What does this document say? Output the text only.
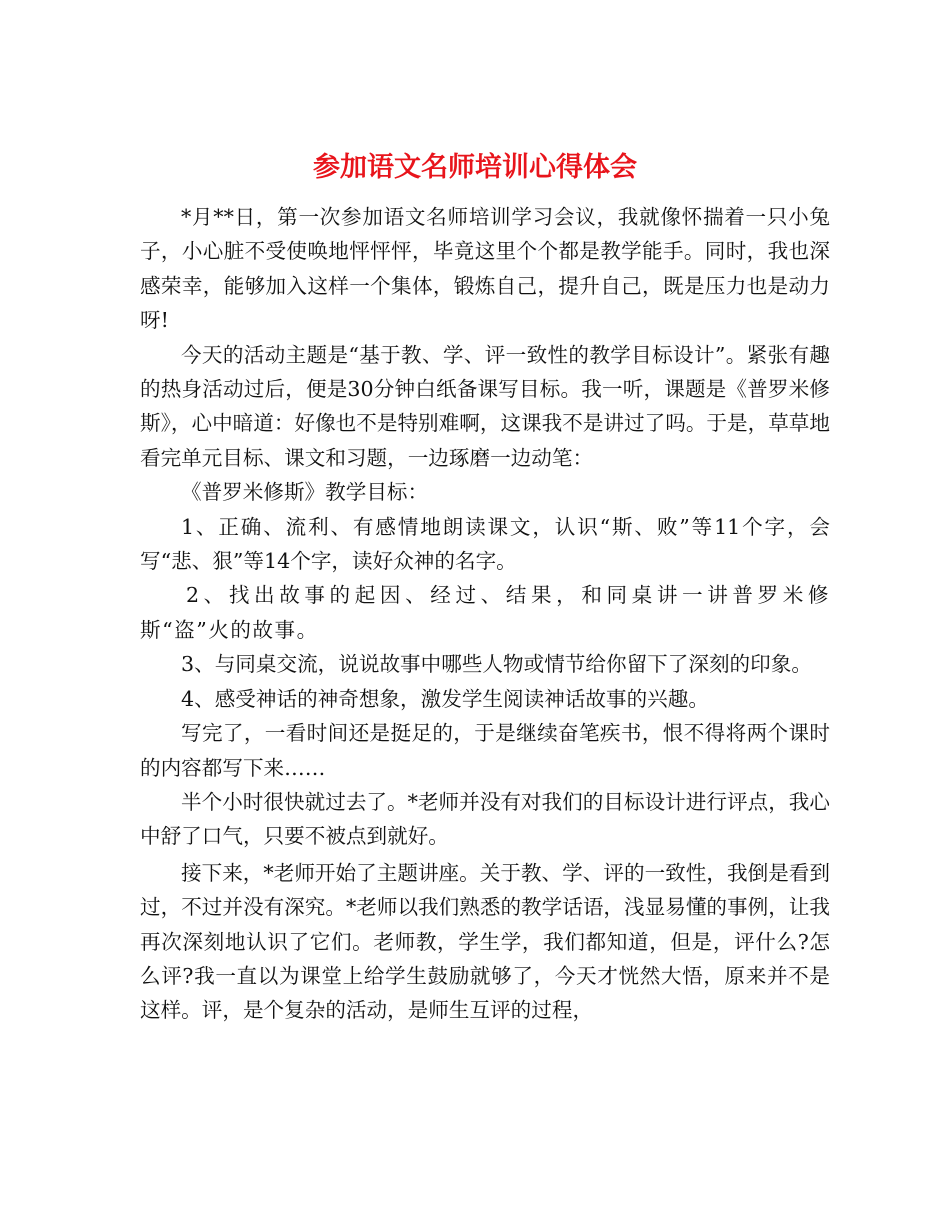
参加语文名师培训心得体会

*月**日，第一次参加语文名师培训学习会议，我就像怀揣着一只小兔子，小心脏不受使唤地怦怦怦，毕竟这里个个都是教学能手。同时，我也深感荣幸，能够加入这样一个集体，锻炼自己，提升自己，既是压力也是动力呀!

今天的活动主题是“基于教、学、评一致性的教学目标设计”。紧张有趣的热身活动过后，便是30分钟白纸备课写目标。我一听，课题是《普罗米修斯》，心中暗道：好像也不是特别难啊，这课我不是讲过了吗。于是，草草地看完单元目标、课文和习题，一边琢磨一边动笔：

《普罗米修斯》教学目标：

1、正确、流利、有感情地朗读课文，认识“斯、败”等11个字，会写“悲、狠”等14个字，读好众神的名字。

2、找出故事的起因、经过、结果，和同桌讲一讲普罗米修斯“盗”火的故事。

3、与同桌交流，说说故事中哪些人物或情节给你留下了深刻的印象。

4、感受神话的神奇想象，激发学生阅读神话故事的兴趣。

写完了，一看时间还是挺足的，于是继续奋笔疾书，恨不得将两个课时的内容都写下来……

半个小时很快就过去了。*老师并没有对我们的目标设计进行评点，我心中舒了口气，只要不被点到就好。

接下来，*老师开始了主题讲座。关于教、学、评的一致性，我倒是看到过，不过并没有深究。*老师以我们熟悉的教学话语，浅显易懂的事例，让我再次深刻地认识了它们。老师教，学生学，我们都知道，但是，评什么?怎么评?我一直以为课堂上给学生鼓励就够了，今天才恍然大悟，原来并不是这样。评，是个复杂的活动，是师生互评的过程，
